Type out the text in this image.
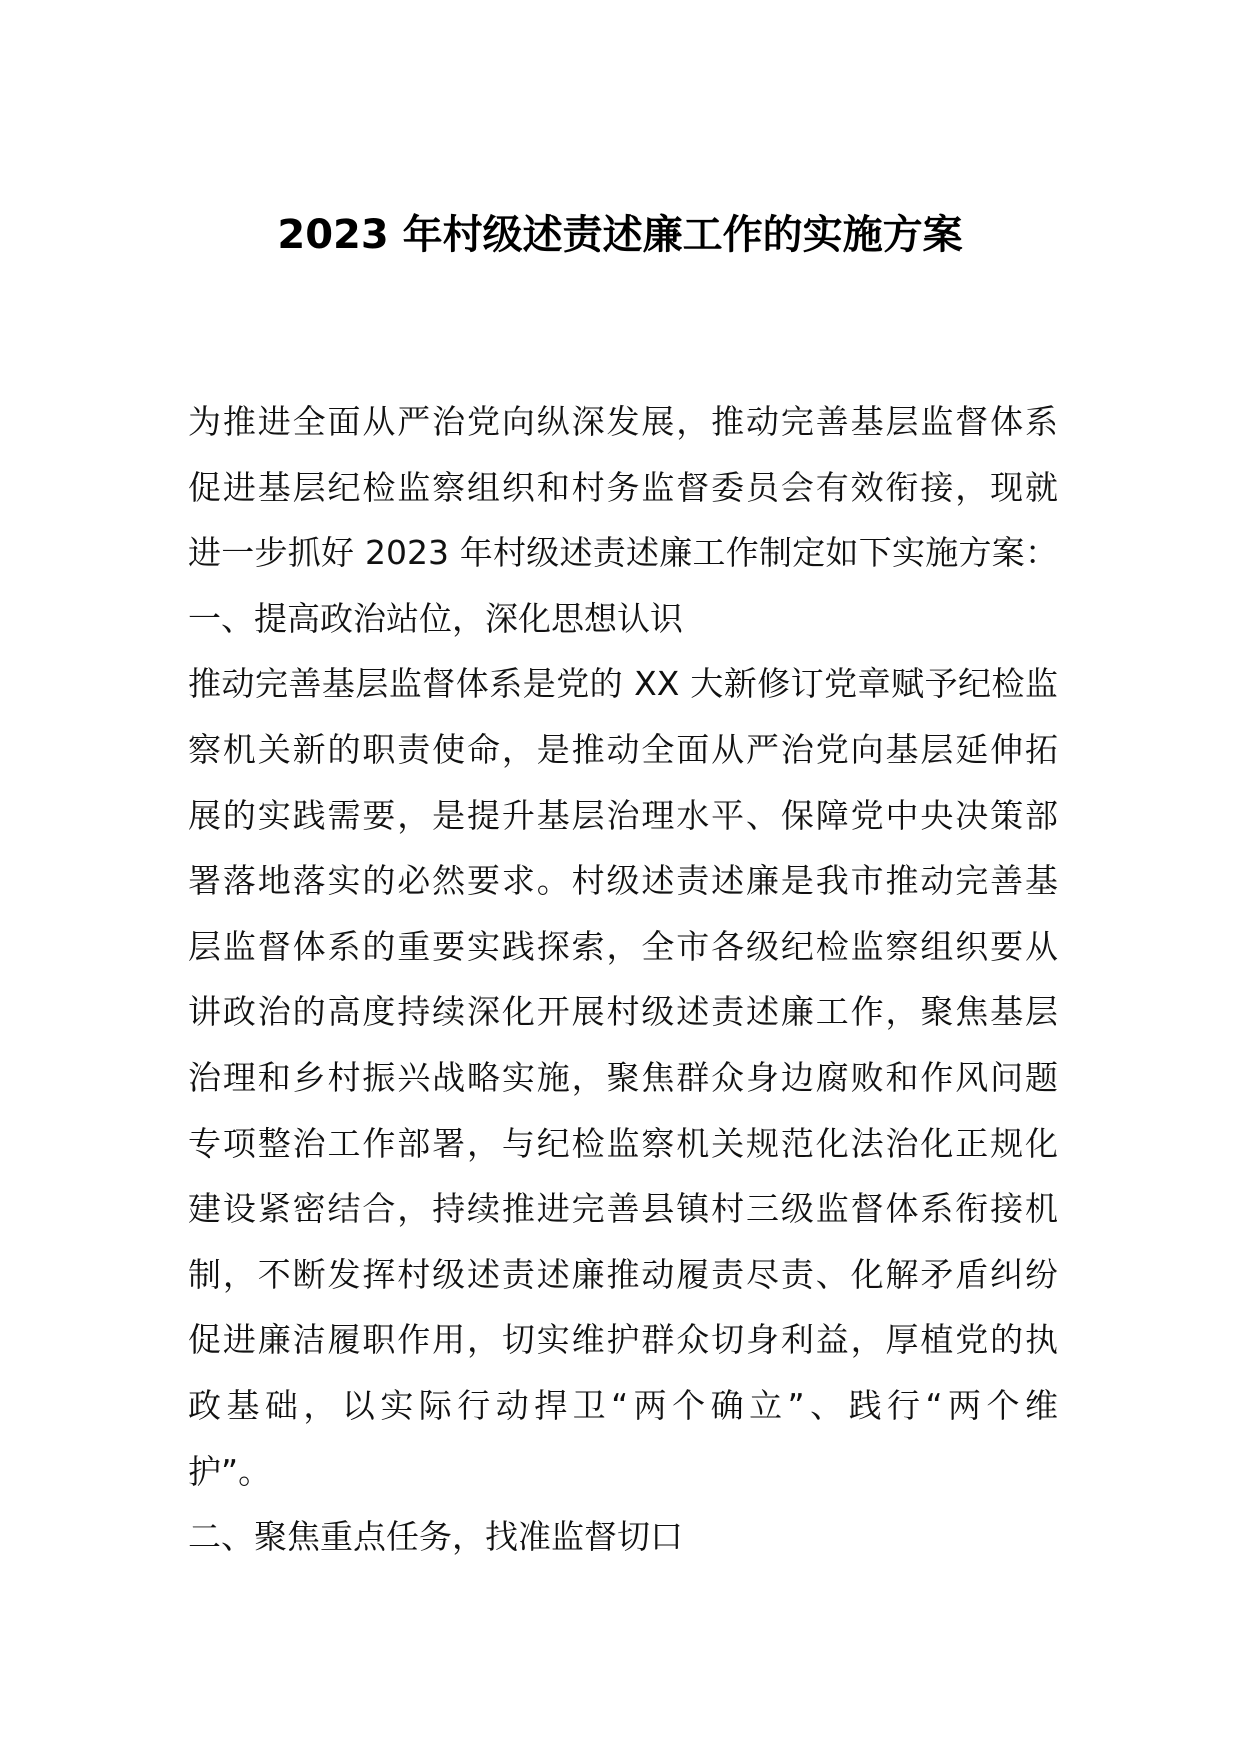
2023 年村级述责述廉工作的实施方案
为推进全面从严治党向纵深发展，推动完善基层监督体系
促进基层纪检监察组织和村务监督委员会有效衔接，现就
进一步抓好 2023 年村级述责述廉工作制定如下实施方案：
一、提高政治站位，深化思想认识
推动完善基层监督体系是党的 XX 大新修订党章赋予纪检监
察机关新的职责使命，是推动全面从严治党向基层延伸拓
展的实践需要，是提升基层治理水平、保障党中央决策部
署落地落实的必然要求。村级述责述廉是我市推动完善基
层监督体系的重要实践探索，全市各级纪检监察组织要从
讲政治的高度持续深化开展村级述责述廉工作，聚焦基层
治理和乡村振兴战略实施，聚焦群众身边腐败和作风问题
专项整治工作部署，与纪检监察机关规范化法治化正规化
建设紧密结合，持续推进完善县镇村三级监督体系衔接机
制，不断发挥村级述责述廉推动履责尽责、化解矛盾纠纷
促进廉洁履职作用，切实维护群众切身利益，厚植党的执
政基础，以实际行动捍卫“两个确立”、践行“两个维
护”。
二、聚焦重点任务，找准监督切口
